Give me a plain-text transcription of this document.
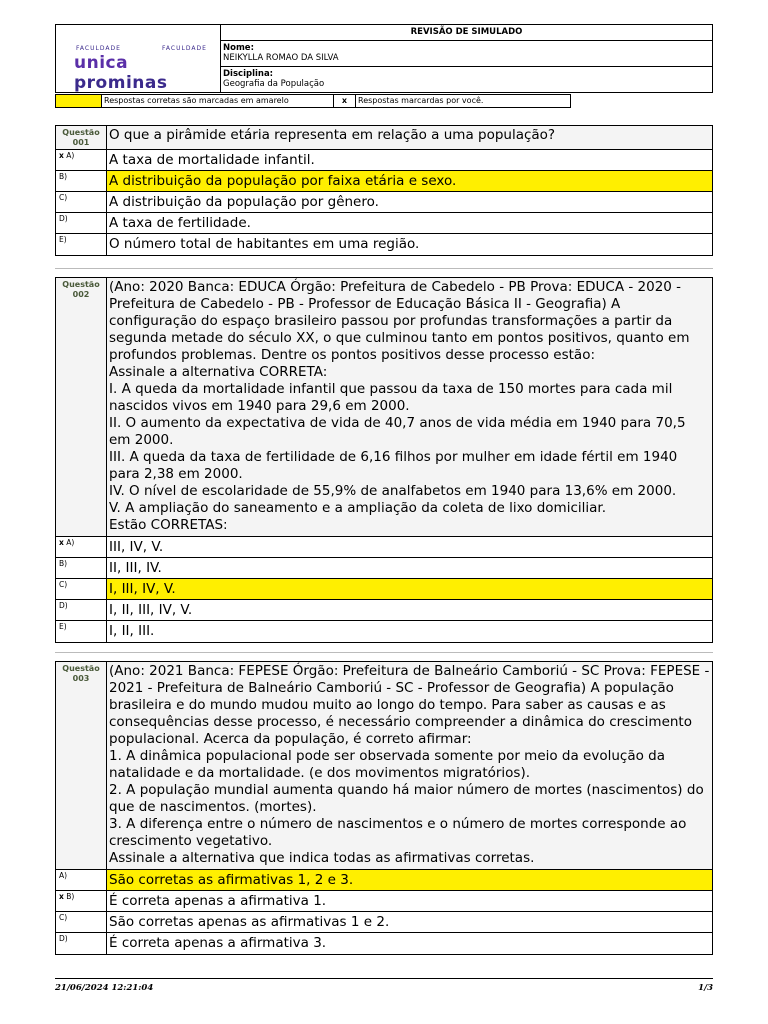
FACULDADE	FACULDADE
unica prominas
REVISÃO DE SIMULADO
Nome:
NEIKYLLA ROMAO DA SILVA
Disciplina:
Geografia da População
Respostas corretas são marcadas em amarelo	x	Respostas marcardas por você.
Questão
001	O que a pirâmide etária representa em relação a uma população?
x A)	A taxa de mortalidade infantil.
B)	A distribuição da população por faixa etária e sexo.
C)	A distribuição da população por gênero.
D)	A taxa de fertilidade.
E)	O número total de habitantes em uma região.
Questão
002	(Ano: 2020 Banca: EDUCA Órgão: Prefeitura de Cabedelo - PB Prova: EDUCA - 2020 - Prefeitura de Cabedelo - PB - Professor de Educação Básica II - Geografia) A configuração do espaço brasileiro passou por profundas transformações a partir da segunda metade do século XX, o que culminou tanto em pontos positivos, quanto em profundos problemas. Dentre os pontos positivos desse processo estão:
Assinale a alternativa CORRETA:
I. A queda da mortalidade infantil que passou da taxa de 150 mortes para cada mil nascidos vivos em 1940 para 29,6 em 2000.
II. O aumento da expectativa de vida de 40,7 anos de vida média em 1940 para 70,5 em 2000.
III. A queda da taxa de fertilidade de 6,16 filhos por mulher em idade fértil em 1940 para 2,38 em 2000.
IV. O nível de escolaridade de 55,9% de analfabetos em 1940 para 13,6% em 2000.
V. A ampliação do saneamento e a ampliação da coleta de lixo domiciliar.
Estão CORRETAS:
x A)	III, IV, V.
B)	II, III, IV.
C)	I, III, IV, V.
D)	I, II, III, IV, V.
E)	I, II, III.
Questão
003	(Ano: 2021 Banca: FEPESE Órgão: Prefeitura de Balneário Camboriú - SC Prova: FEPESE - 2021 - Prefeitura de Balneário Camboriú - SC - Professor de Geografia) A população brasileira e do mundo mudou muito ao longo do tempo. Para saber as causas e as consequências desse processo, é necessário compreender a dinâmica do crescimento populacional. Acerca da população, é correto afirmar:
1. A dinâmica populacional pode ser observada somente por meio da evolução da natalidade e da mortalidade. (e dos movimentos migratórios).
2. A população mundial aumenta quando há maior número de mortes (nascimentos) do que de nascimentos. (mortes).
3. A diferença entre o número de nascimentos e o número de mortes corresponde ao crescimento vegetativo.
Assinale a alternativa que indica todas as afirmativas corretas.
A)	São corretas as afirmativas 1, 2 e 3.
x B)	É correta apenas a afirmativa 1.
C)	São corretas apenas as afirmativas 1 e 2.
D)	É correta apenas a afirmativa 3.
21/06/2024 12:21:04	1/3
